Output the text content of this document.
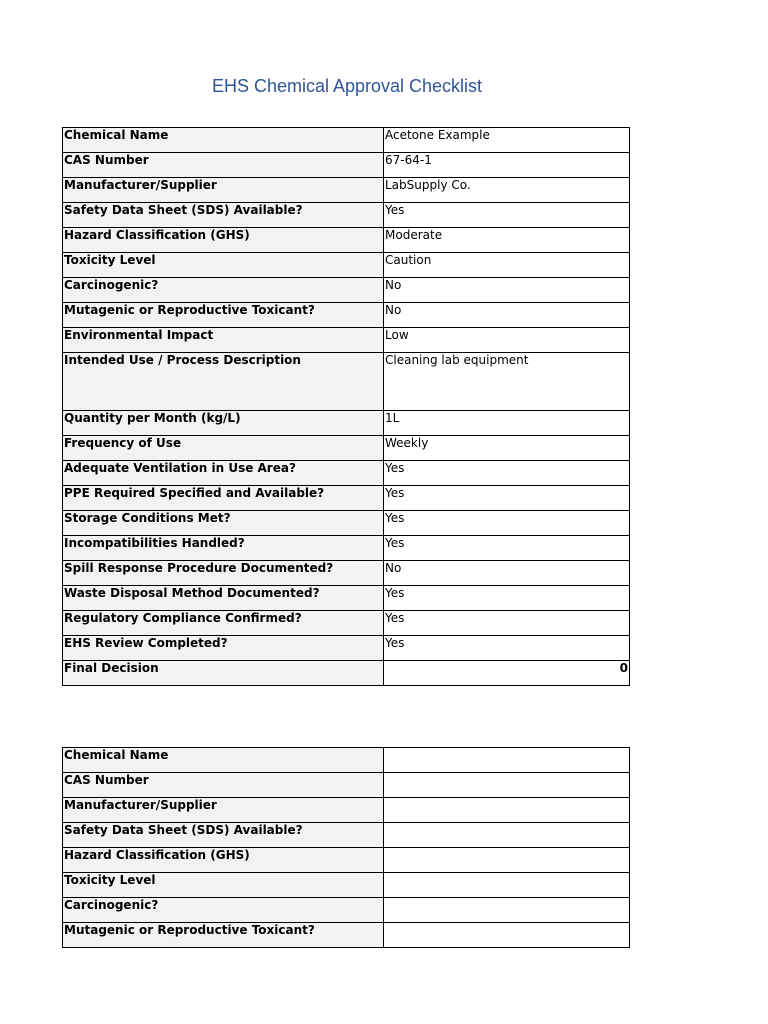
EHS Chemical Approval Checklist
Chemical Name	Acetone Example
CAS Number	67-64-1
Manufacturer/Supplier	LabSupply Co.
Safety Data Sheet (SDS) Available?	Yes
Hazard Classification (GHS)	Moderate
Toxicity Level	Caution
Carcinogenic?	No
Mutagenic or Reproductive Toxicant?	No
Environmental Impact	Low
Intended Use / Process Description	Cleaning lab equipment
Quantity per Month (kg/L)	1L
Frequency of Use	Weekly
Adequate Ventilation in Use Area?	Yes
PPE Required Specified and Available?	Yes
Storage Conditions Met?	Yes
Incompatibilities Handled?	Yes
Spill Response Procedure Documented?	No
Waste Disposal Method Documented?	Yes
Regulatory Compliance Confirmed?	Yes
EHS Review Completed?	Yes
Final Decision	0
Chemical Name	
CAS Number	
Manufacturer/Supplier	
Safety Data Sheet (SDS) Available?	
Hazard Classification (GHS)	
Toxicity Level	
Carcinogenic?	
Mutagenic or Reproductive Toxicant?	
